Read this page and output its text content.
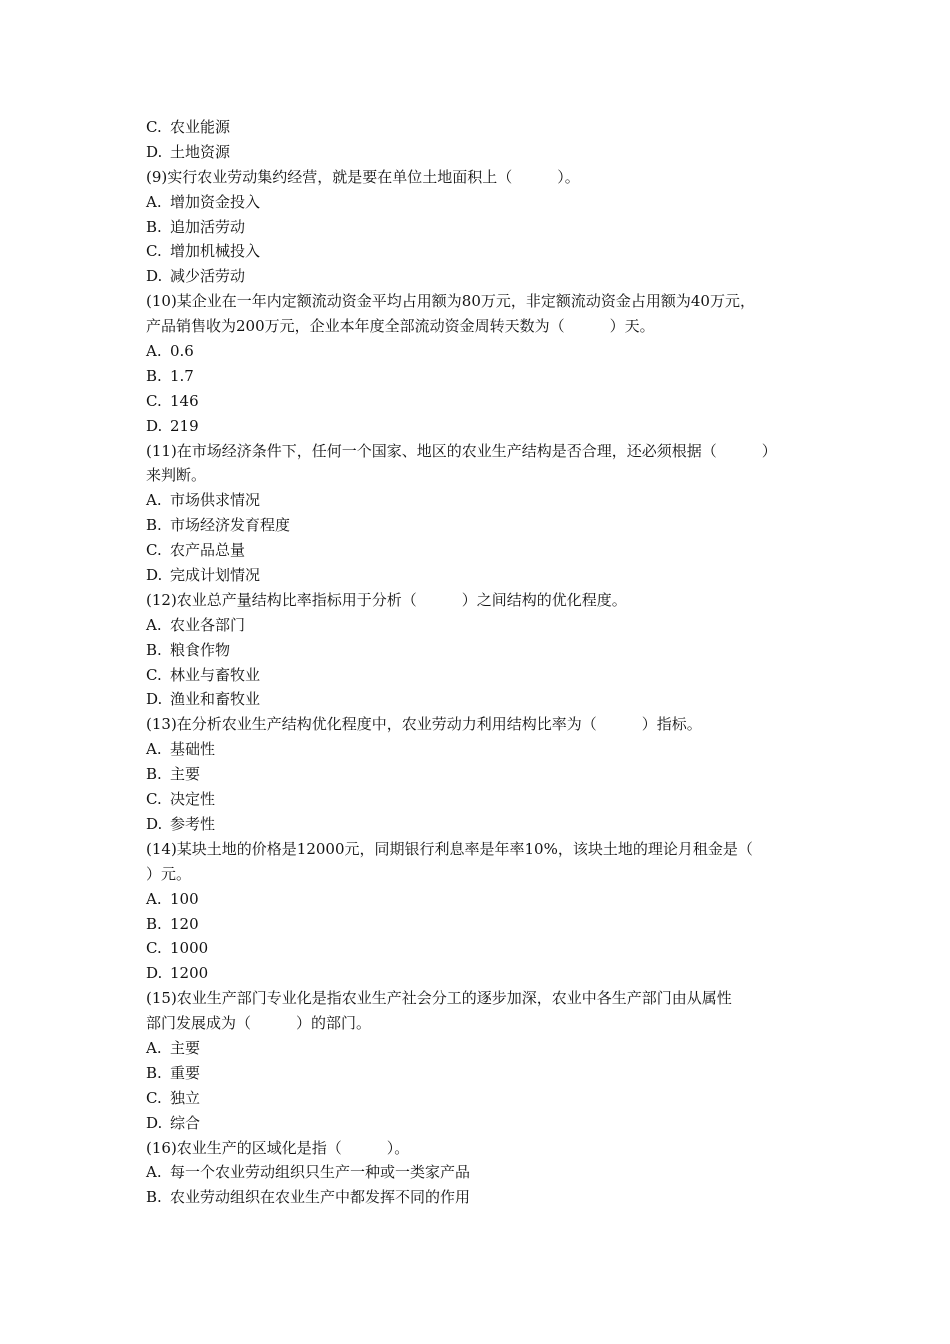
C. 农业能源
D. 土地资源
(9)实行农业劳动集约经营，就是要在单位土地面积上（　　　）。
A. 增加资金投入
B. 追加活劳动
C. 增加机械投入
D. 减少活劳动
(10)某企业在一年内定额流动资金平均占用额为80万元，非定额流动资金占用额为40万元，
产品销售收为200万元，企业本年度全部流动资金周转天数为（　　　）天。
A. 0.6
B. 1.7
C. 146
D. 219
(11)在市场经济条件下，任何一个国家、地区的农业生产结构是否合理，还必须根据（　　　）
来判断。
A. 市场供求情况
B. 市场经济发育程度
C. 农产品总量
D. 完成计划情况
(12)农业总产量结构比率指标用于分析（　　　）之间结构的优化程度。
A. 农业各部门
B. 粮食作物
C. 林业与畜牧业
D. 渔业和畜牧业
(13)在分析农业生产结构优化程度中，农业劳动力利用结构比率为（　　　）指标。
A. 基础性
B. 主要
C. 决定性
D. 参考性
(14)某块土地的价格是12000元，同期银行利息率是年率10%，该块土地的理论月租金是（
）元。
A. 100
B. 120
C. 1000
D. 1200
(15)农业生产部门专业化是指农业生产社会分工的逐步加深，农业中各生产部门由从属性
部门发展成为（　　　）的部门。
A. 主要
B. 重要
C. 独立
D. 综合
(16)农业生产的区域化是指（　　　）。
A. 每一个农业劳动组织只生产一种或一类家产品
B. 农业劳动组织在农业生产中都发挥不同的作用
